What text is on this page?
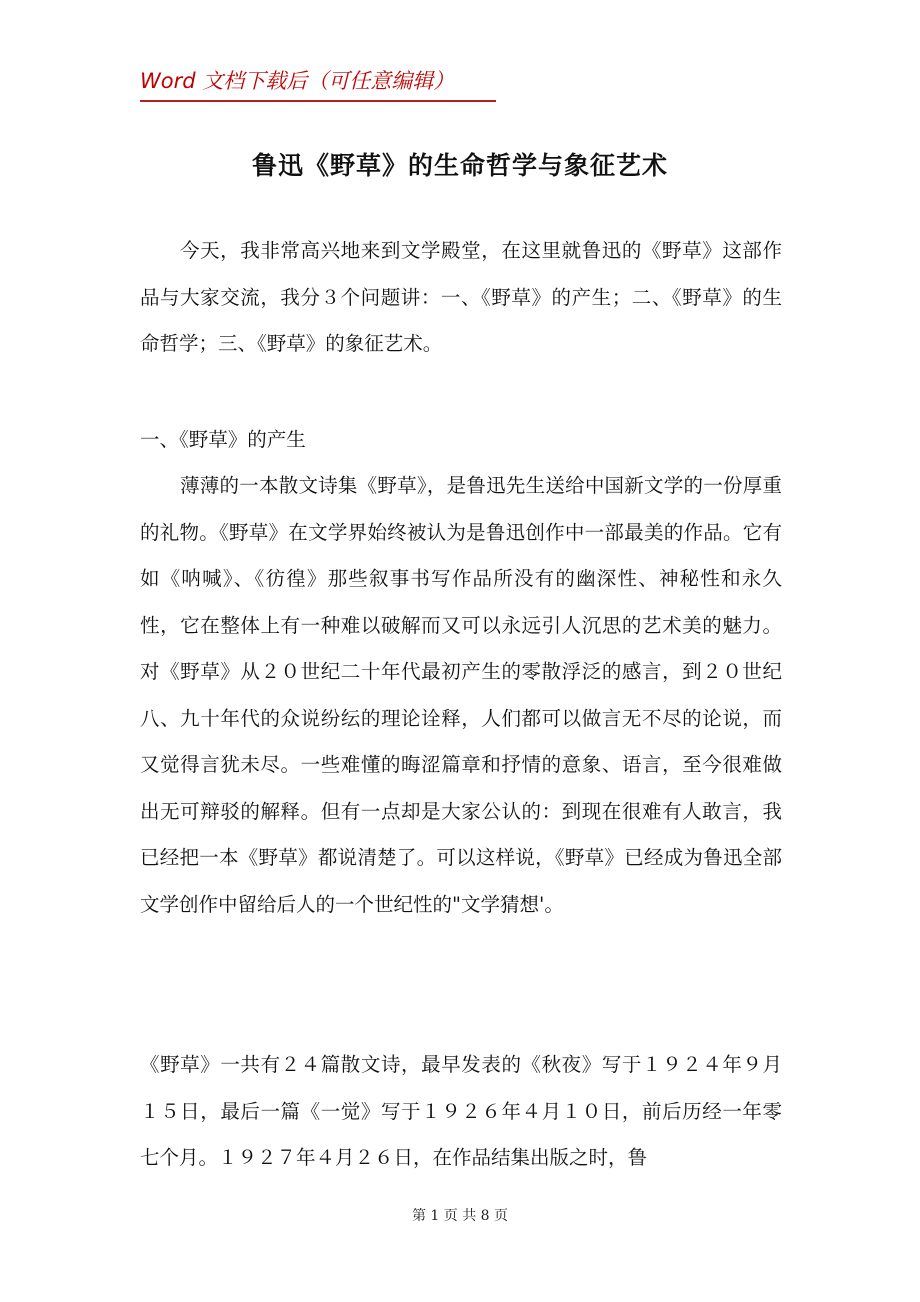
Word 文档下载后（可任意编辑）
鲁迅《野草》的生命哲学与象征艺术

今天，我非常高兴地来到文学殿堂，在这里就鲁迅的《野草》这部作品与大家交流，我分３个问题讲：一、《野草》的产生；二、《野草》的生命哲学；三、《野草》的象征艺术。

一、《野草》的产生

薄薄的一本散文诗集《野草》，是鲁迅先生送给中国新文学的一份厚重的礼物。《野草》在文学界始终被认为是鲁迅创作中一部最美的作品。它有如《呐喊》、《彷徨》那些叙事书写作品所没有的幽深性、神秘性和永久性，它在整体上有一种难以破解而又可以永远引人沉思的艺术美的魅力。对《野草》从２０世纪二十年代最初产生的零散浮泛的感言，到２０世纪八、九十年代的众说纷纭的理论诠释，人们都可以做言无不尽的论说，而又觉得言犹未尽。一些难懂的晦涩篇章和抒情的意象、语言，至今很难做出无可辩驳的解释。但有一点却是大家公认的：到现在很难有人敢言，我已经把一本《野草》都说清楚了。可以这样说，《野草》已经成为鲁迅全部文学创作中留给后人的一个世纪性的"文学猜想'。

《野草》一共有２４篇散文诗，最早发表的《秋夜》写于１９２４年９月１５日，最后一篇《一觉》写于１９２６年４月１０日，前后历经一年零七个月。１９２７年４月２６日，在作品结集出版之时，鲁

第 1 页 共 8 页
